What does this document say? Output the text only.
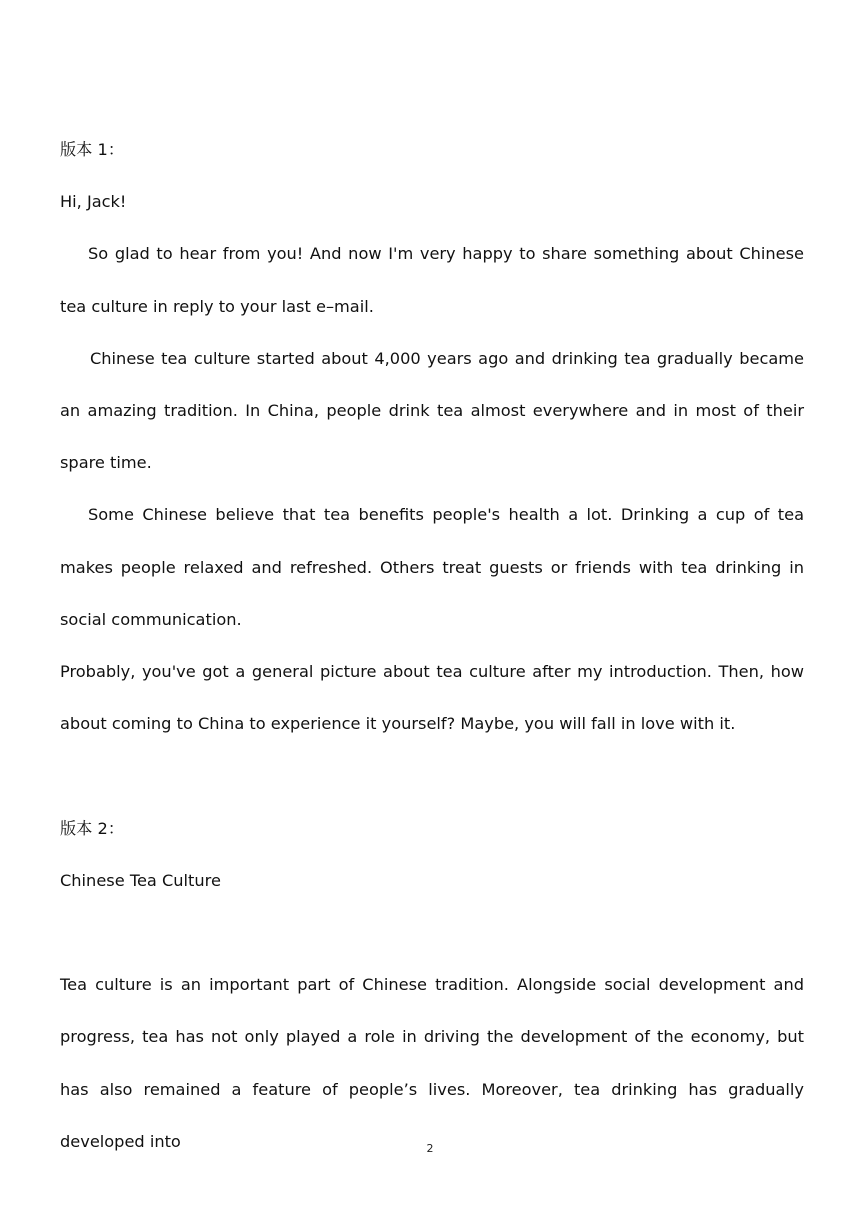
版本 1：

Hi, Jack!

So glad to hear from you! And now I'm very happy to share something about Chinese tea culture in reply to your last e–mail.

Chinese tea culture started about 4,000 years ago and drinking tea gradually became an amazing tradition. In China, people drink tea almost everywhere and in most of their spare time.

Some Chinese believe that tea benefits people's health a lot. Drinking a cup of tea makes people relaxed and refreshed. Others treat guests or friends with tea drinking in social communication.

Probably, you've got a general picture about tea culture after my introduction. Then, how about coming to China to experience it yourself? Maybe, you will fall in love with it.

版本 2：

Chinese Tea Culture

Tea culture is an important part of Chinese tradition. Alongside social development and progress, tea has not only played a role in driving the development of the economy, but has also remained a feature of people’s lives. Moreover, tea drinking has gradually developed into	2
